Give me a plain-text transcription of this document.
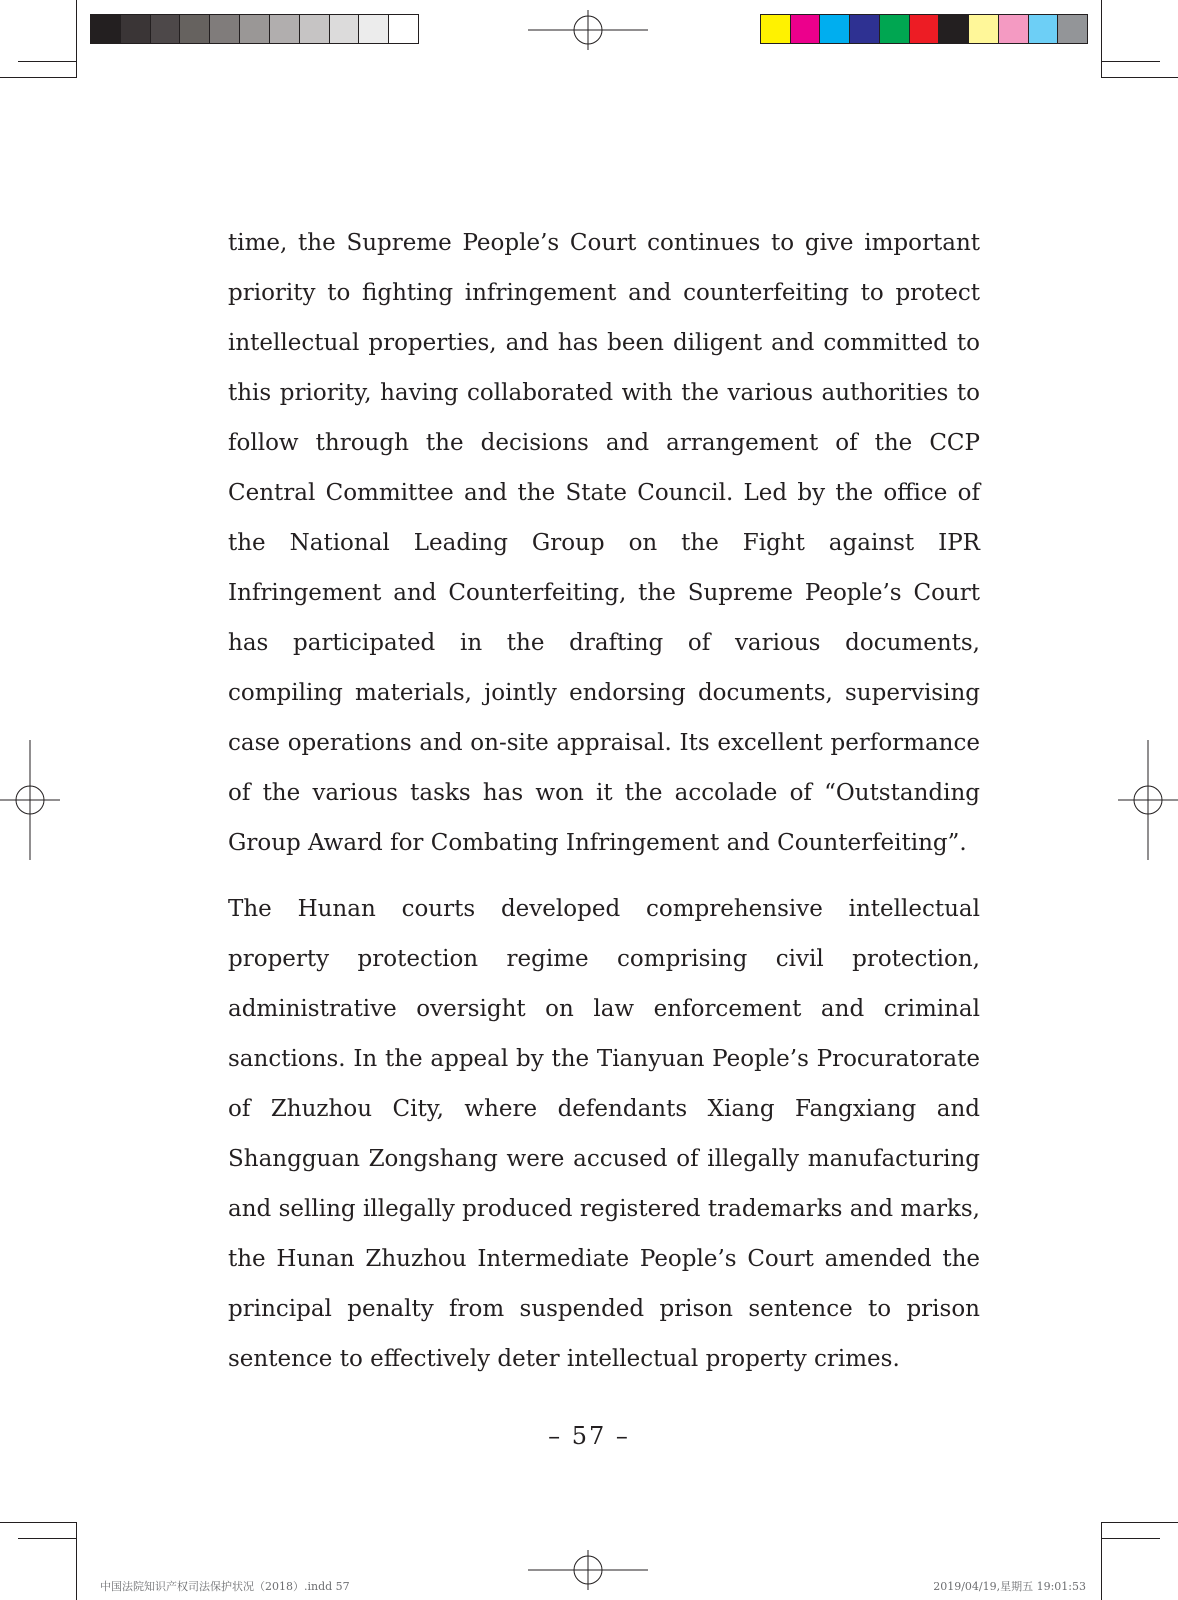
time, the Supreme People’s Court continues to give important priority to fighting infringement and counterfeiting to protect intellectual properties, and has been diligent and committed to this priority, having collaborated with the various authorities to follow through the decisions and arrangement of the CCP Central Committee and the State Council. Led by the office of the National Leading Group on the Fight against IPR Infringement and Counterfeiting, the Supreme People’s Court has participated in the drafting of various documents, compiling materials, jointly endorsing documents, supervising case operations and on-site appraisal. Its excellent performance of the various tasks has won it the accolade of “Outstanding Group Award for Combating Infringement and Counterfeiting”.

The Hunan courts developed comprehensive intellectual property protection regime comprising civil protection, administrative oversight on law enforcement and criminal sanctions. In the appeal by the Tianyuan People’s Procuratorate of Zhuzhou City, where defendants Xiang Fangxiang and Shangguan Zongshang were accused of illegally manufacturing and selling illegally produced registered trademarks and marks, the Hunan Zhuzhou Intermediate People’s Court amended the principal penalty from suspended prison sentence to prison sentence to effectively deter intellectual property crimes.

– 57 –
中国法院知识产权司法保护状况（2018）.indd 57	2019/04/19,星期五 19:01:53
